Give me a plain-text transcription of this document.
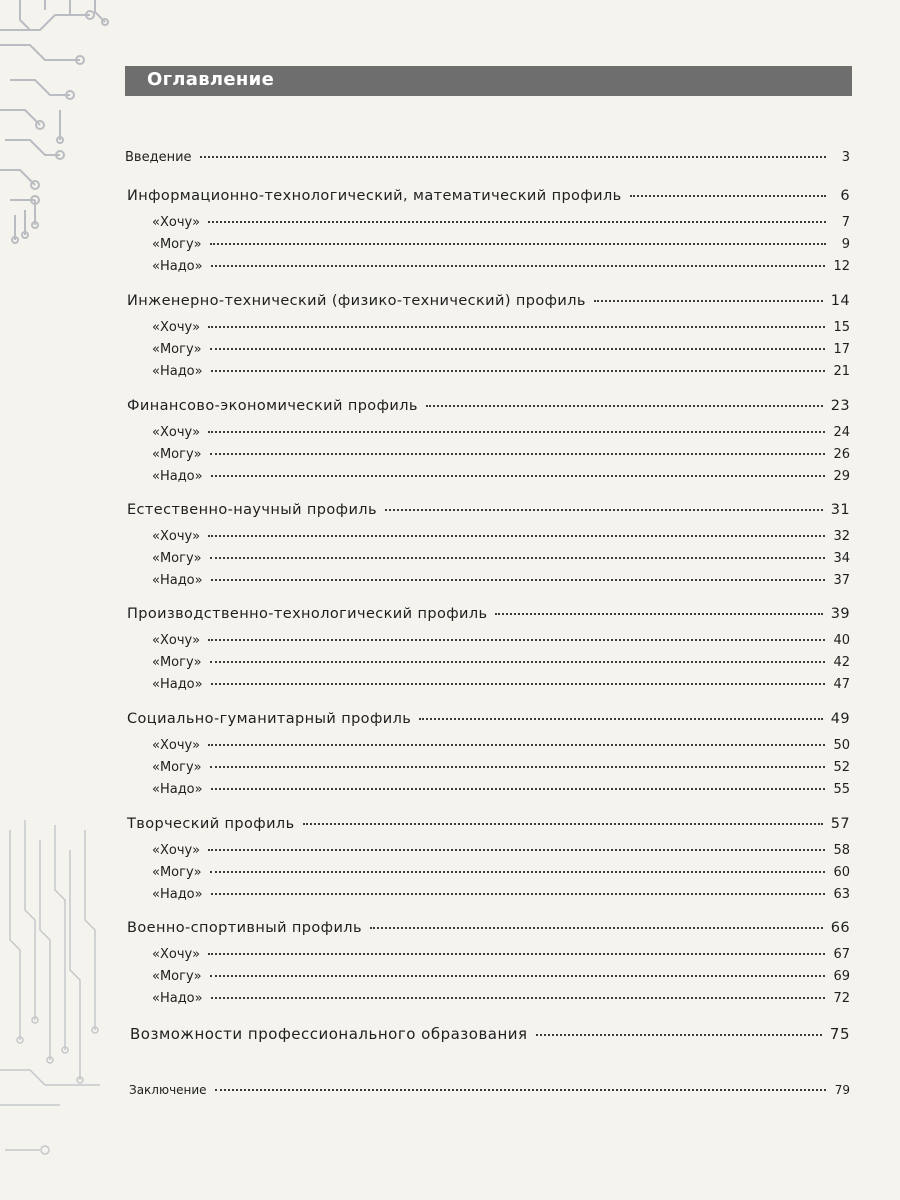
Оглавление
Введение	3
Информационно-технологический, математический профиль	6
«Хочу»	7
«Могу»	9
«Надо»	12
Инженерно-технический (физико-технический) профиль	14
«Хочу»	15
«Могу»	17
«Надо»	21
Финансово-экономический профиль	23
«Хочу»	24
«Могу»	26
«Надо»	29
Естественно-научный профиль	31
«Хочу»	32
«Могу»	34
«Надо»	37
Производственно-технологический профиль	39
«Хочу»	40
«Могу»	42
«Надо»	47
Социально-гуманитарный профиль	49
«Хочу»	50
«Могу»	52
«Надо»	55
Творческий профиль	57
«Хочу»	58
«Могу»	60
«Надо»	63
Военно-спортивный профиль	66
«Хочу»	67
«Могу»	69
«Надо»	72
Возможности профессионального образования	75
Заключение	79
